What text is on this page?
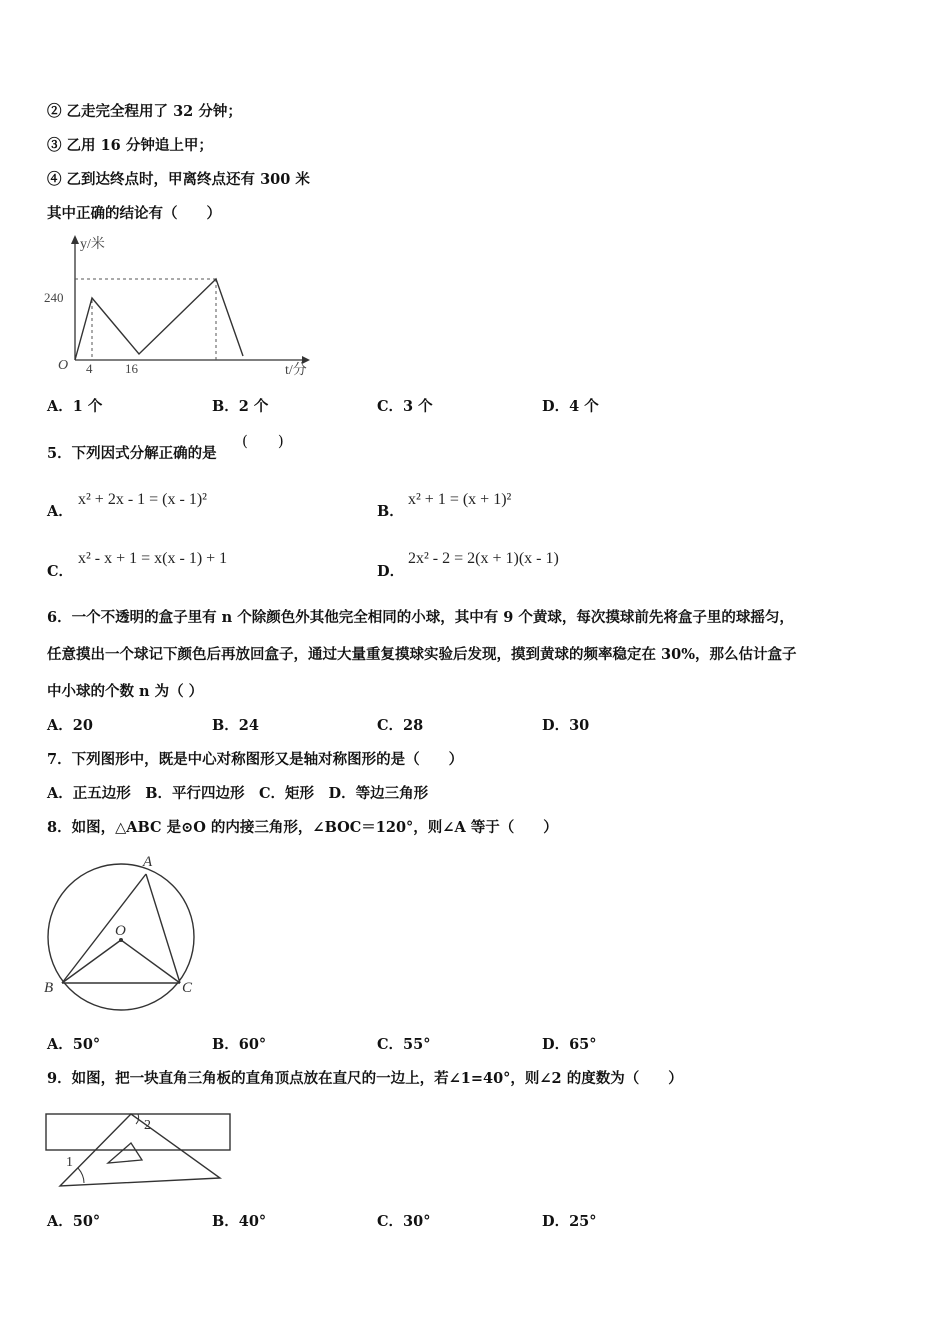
② 乙走完全程用了 32 分钟；
③ 乙用 16 分钟追上甲；
④ 乙到达终点时，甲离终点还有 300 米
其中正确的结论有（　　）
y/米
t/分
O
240
4	16
A．1 个	B．2 个	C．3 个	D．4 个
5．下列因式分解正确的是
(　　)
A．
x² + 2x - 1 = (x - 1)²
B．
x² + 1 = (x + 1)²
C．
x² - x + 1 = x(x - 1) + 1
D．
2x² - 2 = 2(x + 1)(x - 1)
6．一个不透明的盒子里有 n 个除颜色外其他完全相同的小球，其中有 9 个黄球，每次摸球前先将盒子里的球摇匀，
任意摸出一个球记下颜色后再放回盒子，通过大量重复摸球实验后发现，摸到黄球的频率稳定在 30%，那么估计盒子
中小球的个数 n 为（ ）
A．20	B．24	C．28	D．30
7．下列图形中，既是中心对称图形又是轴对称图形的是（　　）
A．正五边形　B．平行四边形　C．矩形　D．等边三角形
8．如图，△ABC 是⊙O 的内接三角形，∠BOC＝120°，则∠A 等于（　　）
A
O
B	C
A．50°	B．60°	C．55°	D．65°
9．如图，把一块直角三角板的直角顶点放在直尺的一边上，若∠1=40°，则∠2 的度数为（　　）
1
2
A．50°	B．40°	C．30°	D．25°
